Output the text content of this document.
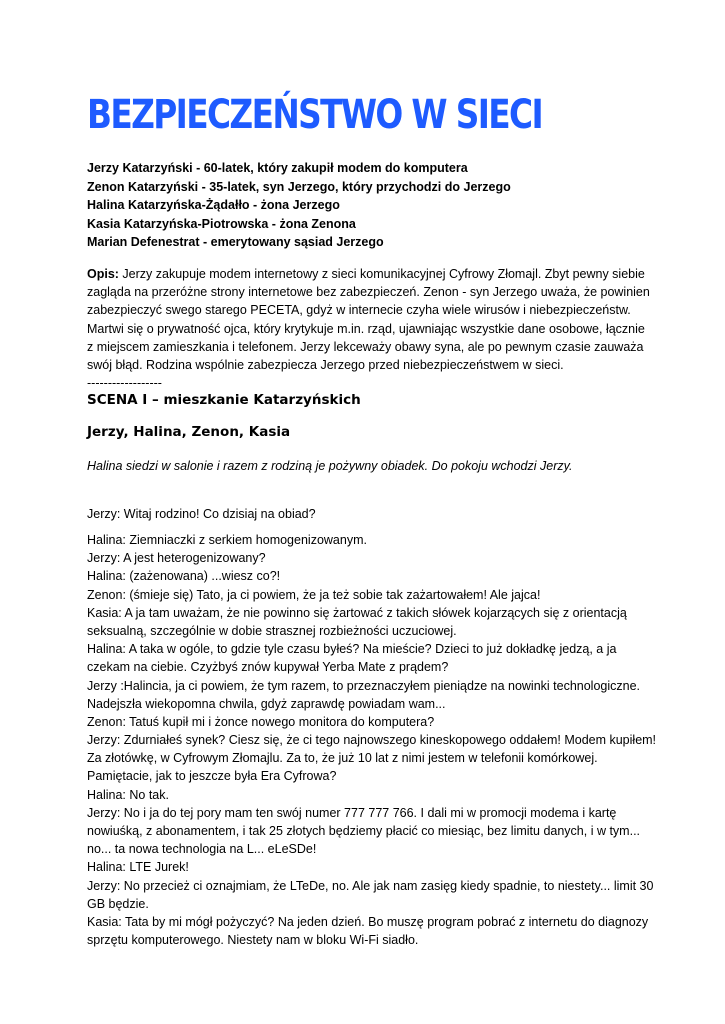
BEZPIECZEŃSTWO W SIECI
Jerzy Katarzyński - 60-latek, który zakupił modem do komputera
Zenon Katarzyński - 35-latek, syn Jerzego, który przychodzi do Jerzego
Halina Katarzyńska-Żądałło - żona Jerzego
Kasia Katarzyńska-Piotrowska - żona Zenona
Marian Defenestrat - emerytowany sąsiad Jerzego
Opis: Jerzy zakupuje modem internetowy z sieci komunikacyjnej Cyfrowy Złomajl. Zbyt pewny siebie
zagląda na przeróżne strony internetowe bez zabezpieczeń. Zenon - syn Jerzego uważa, że powinien
zabezpieczyć swego starego PECETA, gdyż w internecie czyha wiele wirusów i niebezpieczeństw.
Martwi się o prywatność ojca, który krytykuje m.in. rząd, ujawniając wszystkie dane osobowe, łącznie
z miejscem zamieszkania i telefonem. Jerzy lekceważy obawy syna, ale po pewnym czasie zauważa
swój błąd. Rodzina wspólnie zabezpiecza Jerzego przed niebezpieczeństwem w sieci.
------------------
SCENA I – mieszkanie Katarzyńskich
Jerzy, Halina, Zenon, Kasia
Halina siedzi w salonie i razem z rodziną je pożywny obiadek. Do pokoju wchodzi Jerzy.
Jerzy: Witaj rodzino! Co dzisiaj na obiad?
Halina: Ziemniaczki z serkiem homogenizowanym.
Jerzy: A jest heterogenizowany?
Halina: (zażenowana) ...wiesz co?!
Zenon: (śmieje się) Tato, ja ci powiem, że ja też sobie tak zażartowałem! Ale jajca!
Kasia: A ja tam uważam, że nie powinno się żartować z takich słówek kojarzących się z orientacją
seksualną, szczególnie w dobie strasznej rozbieżności uczuciowej.
Halina: A taka w ogóle, to gdzie tyle czasu byłeś? Na mieście? Dzieci to już dokładkę jedzą, a ja
czekam na ciebie. Czyżbyś znów kupywał Yerba Mate z prądem?
Jerzy :Halincia, ja ci powiem, że tym razem, to przeznaczyłem pieniądze na nowinki technologiczne.
Nadejszła wiekopomna chwila, gdyż zaprawdę powiadam wam...
Zenon: Tatuś kupił mi i żonce nowego monitora do komputera?
Jerzy: Zdurniałeś synek? Ciesz się, że ci tego najnowszego kineskopowego oddałem! Modem kupiłem!
Za złotówkę, w Cyfrowym Złomajlu. Za to, że już 10 lat z nimi jestem w telefonii komórkowej.
Pamiętacie, jak to jeszcze była Era Cyfrowa?
Halina: No tak.
Jerzy: No i ja do tej pory mam ten swój numer 777 777 766. I dali mi w promocji modema i kartę
nowiuśką, z abonamentem, i tak 25 złotych będziemy płacić co miesiąc, bez limitu danych, i w tym...
no... ta nowa technologia na L... eLeSDe!
Halina: LTE Jurek!
Jerzy: No przecież ci oznajmiam, że LTeDe, no. Ale jak nam zasięg kiedy spadnie, to niestety... limit 30
GB będzie.
Kasia: Tata by mi mógł pożyczyć? Na jeden dzień. Bo muszę program pobrać z internetu do diagnozy
sprzętu komputerowego. Niestety nam w bloku Wi-Fi siadło.
